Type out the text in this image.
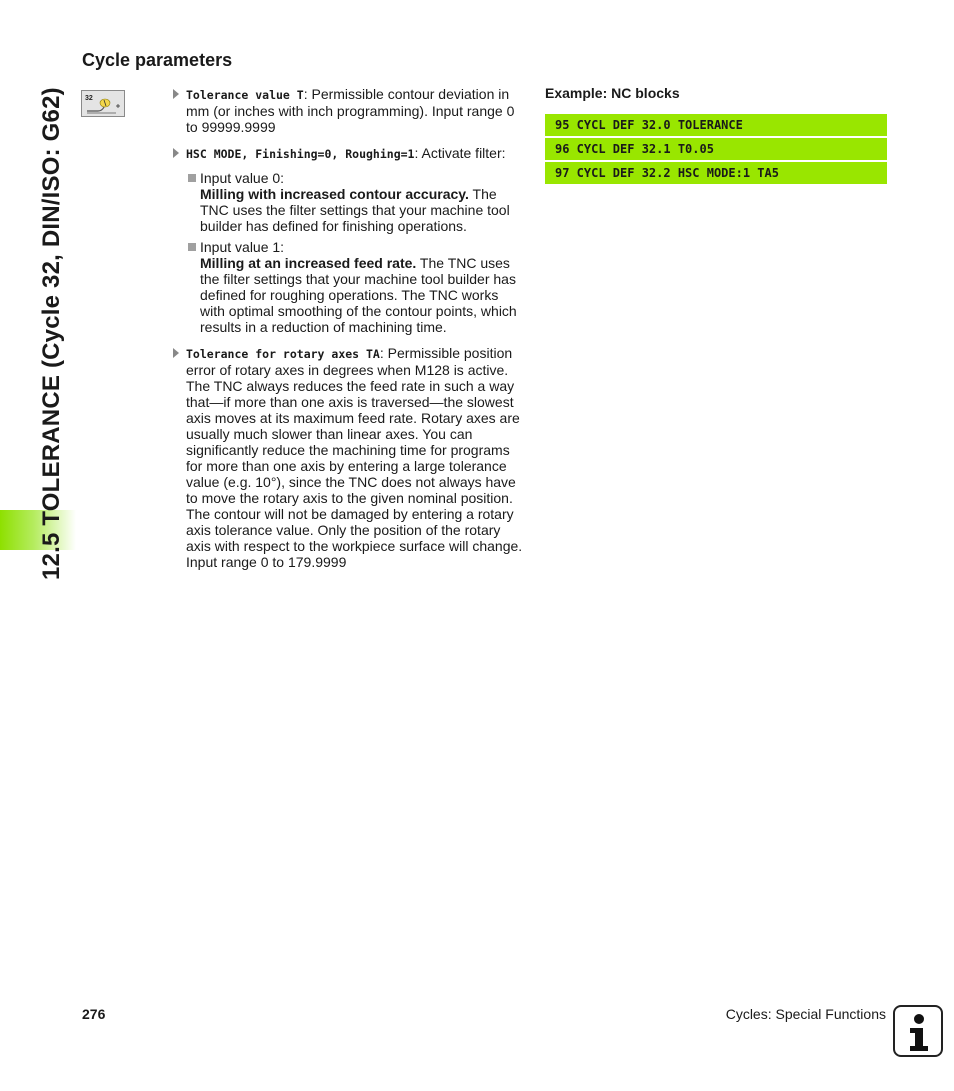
12.5 TOLERANCE (Cycle 32, DIN/ISO: G62)
Cycle parameters
32	Tolerance value T: Permissible contour deviation in mm (or inches with inch programming). Input range 0 to 99999.9999
HSC MODE, Finishing=0, Roughing=1: Activate filter:
Input value 0:
Milling with increased contour accuracy. The TNC uses the filter settings that your machine tool builder has defined for finishing operations.
Input value 1:
Milling at an increased feed rate. The TNC uses the filter settings that your machine tool builder has defined for roughing operations. The TNC works with optimal smoothing of the contour points, which results in a reduction of machining time.
Tolerance for rotary axes TA: Permissible position error of rotary axes in degrees when M128 is active. The TNC always reduces the feed rate in such a way that—if more than one axis is traversed—the slowest axis moves at its maximum feed rate. Rotary axes are usually much slower than linear axes. You can significantly reduce the machining time for programs for more than one axis by entering a large tolerance value (e.g. 10°), since the TNC does not always have to move the rotary axis to the given nominal position. The contour will not be damaged by entering a rotary axis tolerance value. Only the position of the rotary axis with respect to the workpiece surface will change. Input range 0 to 179.9999
Example: NC blocks
95 CYCL DEF 32.0 TOLERANCE
96 CYCL DEF 32.1 T0.05
97 CYCL DEF 32.2 HSC MODE:1 TA5
276	Cycles: Special Functions
